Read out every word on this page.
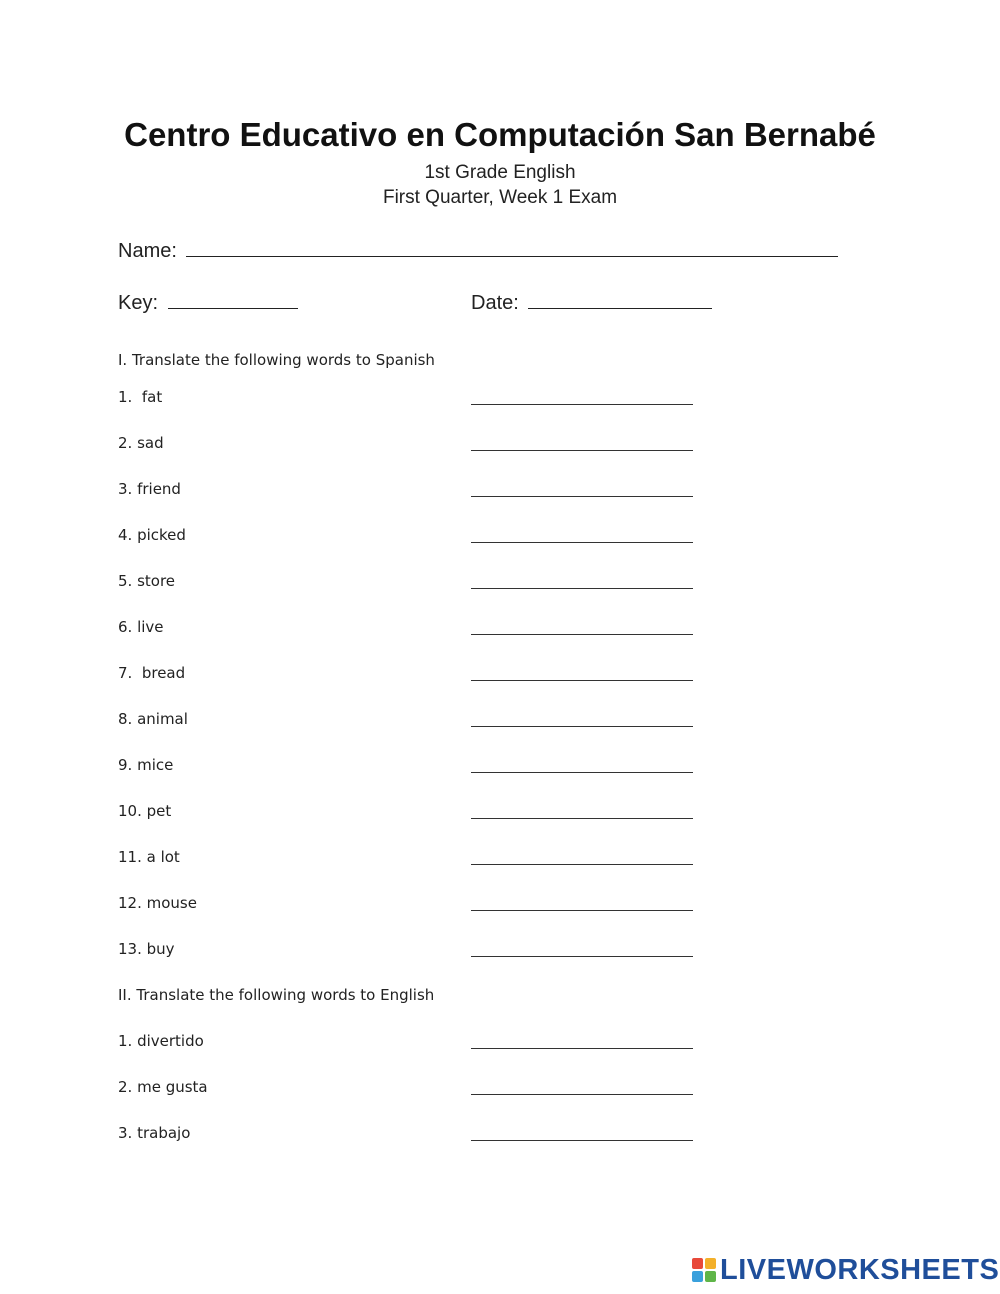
Centro Educativo en Computación San Bernabé
1st Grade English
First Quarter, Week 1 Exam
Name:
Key:	Date:
I. Translate the following words to Spanish
1.  fat
2. sad
3. friend
4. picked
5. store
6. live
7.  bread
8. animal
9. mice
10. pet
11. a lot
12. mouse
13. buy
II. Translate the following words to English
1. divertido
2. me gusta
3. trabajo
LIVEWORKSHEETS
